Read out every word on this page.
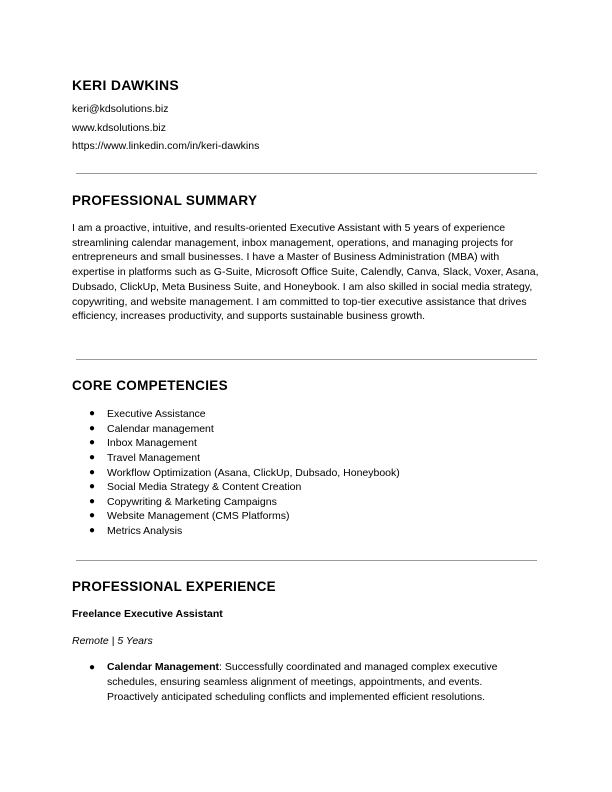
KERI DAWKINS
keri@kdsolutions.biz
www.kdsolutions.biz
https://www.linkedin.com/in/keri-dawkins
PROFESSIONAL SUMMARY

I am a proactive, intuitive, and results-oriented Executive Assistant with 5 years of experience streamlining calendar management, inbox management, operations, and managing projects for entrepreneurs and small businesses. I have a Master of Business Administration (MBA) with expertise in platforms such as G-Suite, Microsoft Office Suite, Calendly, Canva, Slack, Voxer, Asana, Dubsado, ClickUp, Meta Business Suite, and Honeybook. I am also skilled in social media strategy, copywriting, and website management. I am committed to top-tier executive assistance that drives efficiency, increases productivity, and supports sustainable business growth.

CORE COMPETENCIES
● Executive Assistance
● Calendar management
● Inbox Management
● Travel Management
● Workflow Optimization (Asana, ClickUp, Dubsado, Honeybook)
● Social Media Strategy & Content Creation
● Copywriting & Marketing Campaigns
● Website Management (CMS Platforms)
● Metrics Analysis
PROFESSIONAL EXPERIENCE
Freelance Executive Assistant
Remote | 5 Years
● Calendar Management: Successfully coordinated and managed complex executive schedules, ensuring seamless alignment of meetings, appointments, and events. Proactively anticipated scheduling conflicts and implemented efficient resolutions.
